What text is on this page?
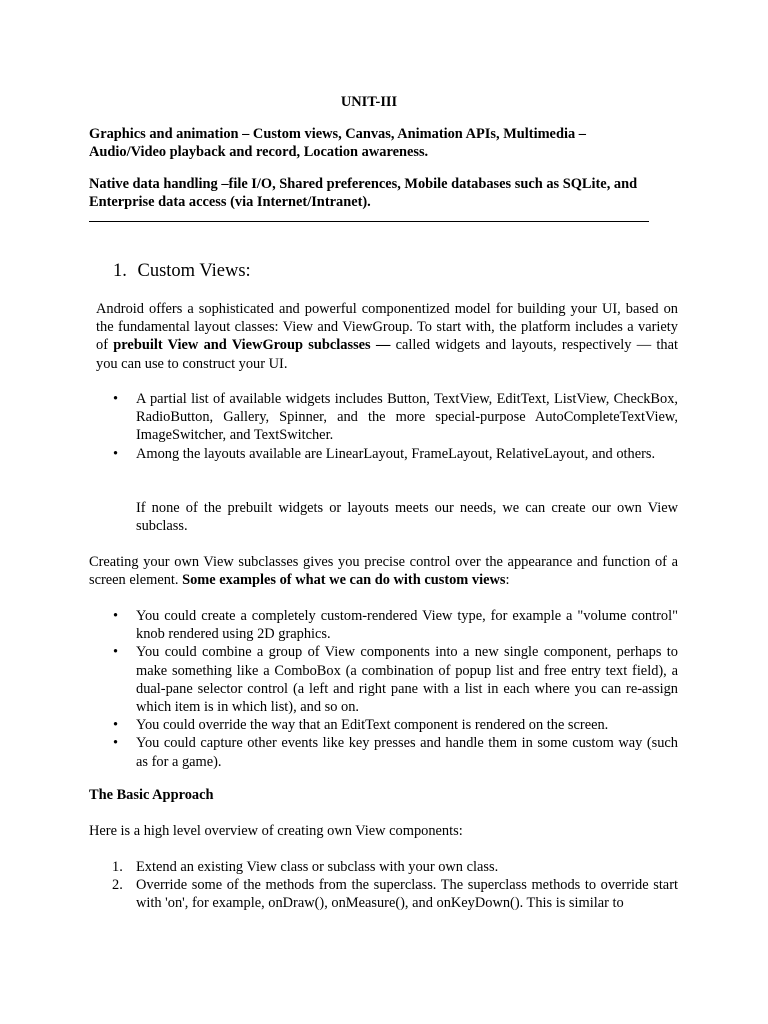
UNIT-III

Graphics and animation – Custom views, Canvas, Animation APIs, Multimedia – Audio/Video playback and record, Location awareness.

Native data handling –file I/O, Shared preferences, Mobile databases such as SQLite, and Enterprise data access (via Internet/Intranet).

1. Custom Views:

Android offers a sophisticated and powerful componentized model for building your UI, based on the fundamental layout classes: View and ViewGroup. To start with, the platform includes a variety of prebuilt View and ViewGroup subclasses — called widgets and layouts, respectively — that you can use to construct your UI.

• A partial list of available widgets includes Button, TextView, EditText, ListView, CheckBox, RadioButton, Gallery, Spinner, and the more special-purpose AutoCompleteTextView, ImageSwitcher, and TextSwitcher.
• Among the layouts available are LinearLayout, FrameLayout, RelativeLayout, and others.

If none of the prebuilt widgets or layouts meets our needs, we can create our own View subclass.

Creating your own View subclasses gives you precise control over the appearance and function of a screen element. Some examples of what we can do with custom views:

• You could create a completely custom-rendered View type, for example a "volume control" knob rendered using 2D graphics.
• You could combine a group of View components into a new single component, perhaps to make something like a ComboBox (a combination of popup list and free entry text field), a dual-pane selector control (a left and right pane with a list in each where you can re-assign which item is in which list), and so on.
• You could override the way that an EditText component is rendered on the screen.
• You could capture other events like key presses and handle them in some custom way (such as for a game).

The Basic Approach

Here is a high level overview of creating own View components:

1. Extend an existing View class or subclass with your own class.
2. Override some of the methods from the superclass. The superclass methods to override start with 'on', for example, onDraw(), onMeasure(), and onKeyDown(). This is similar to
